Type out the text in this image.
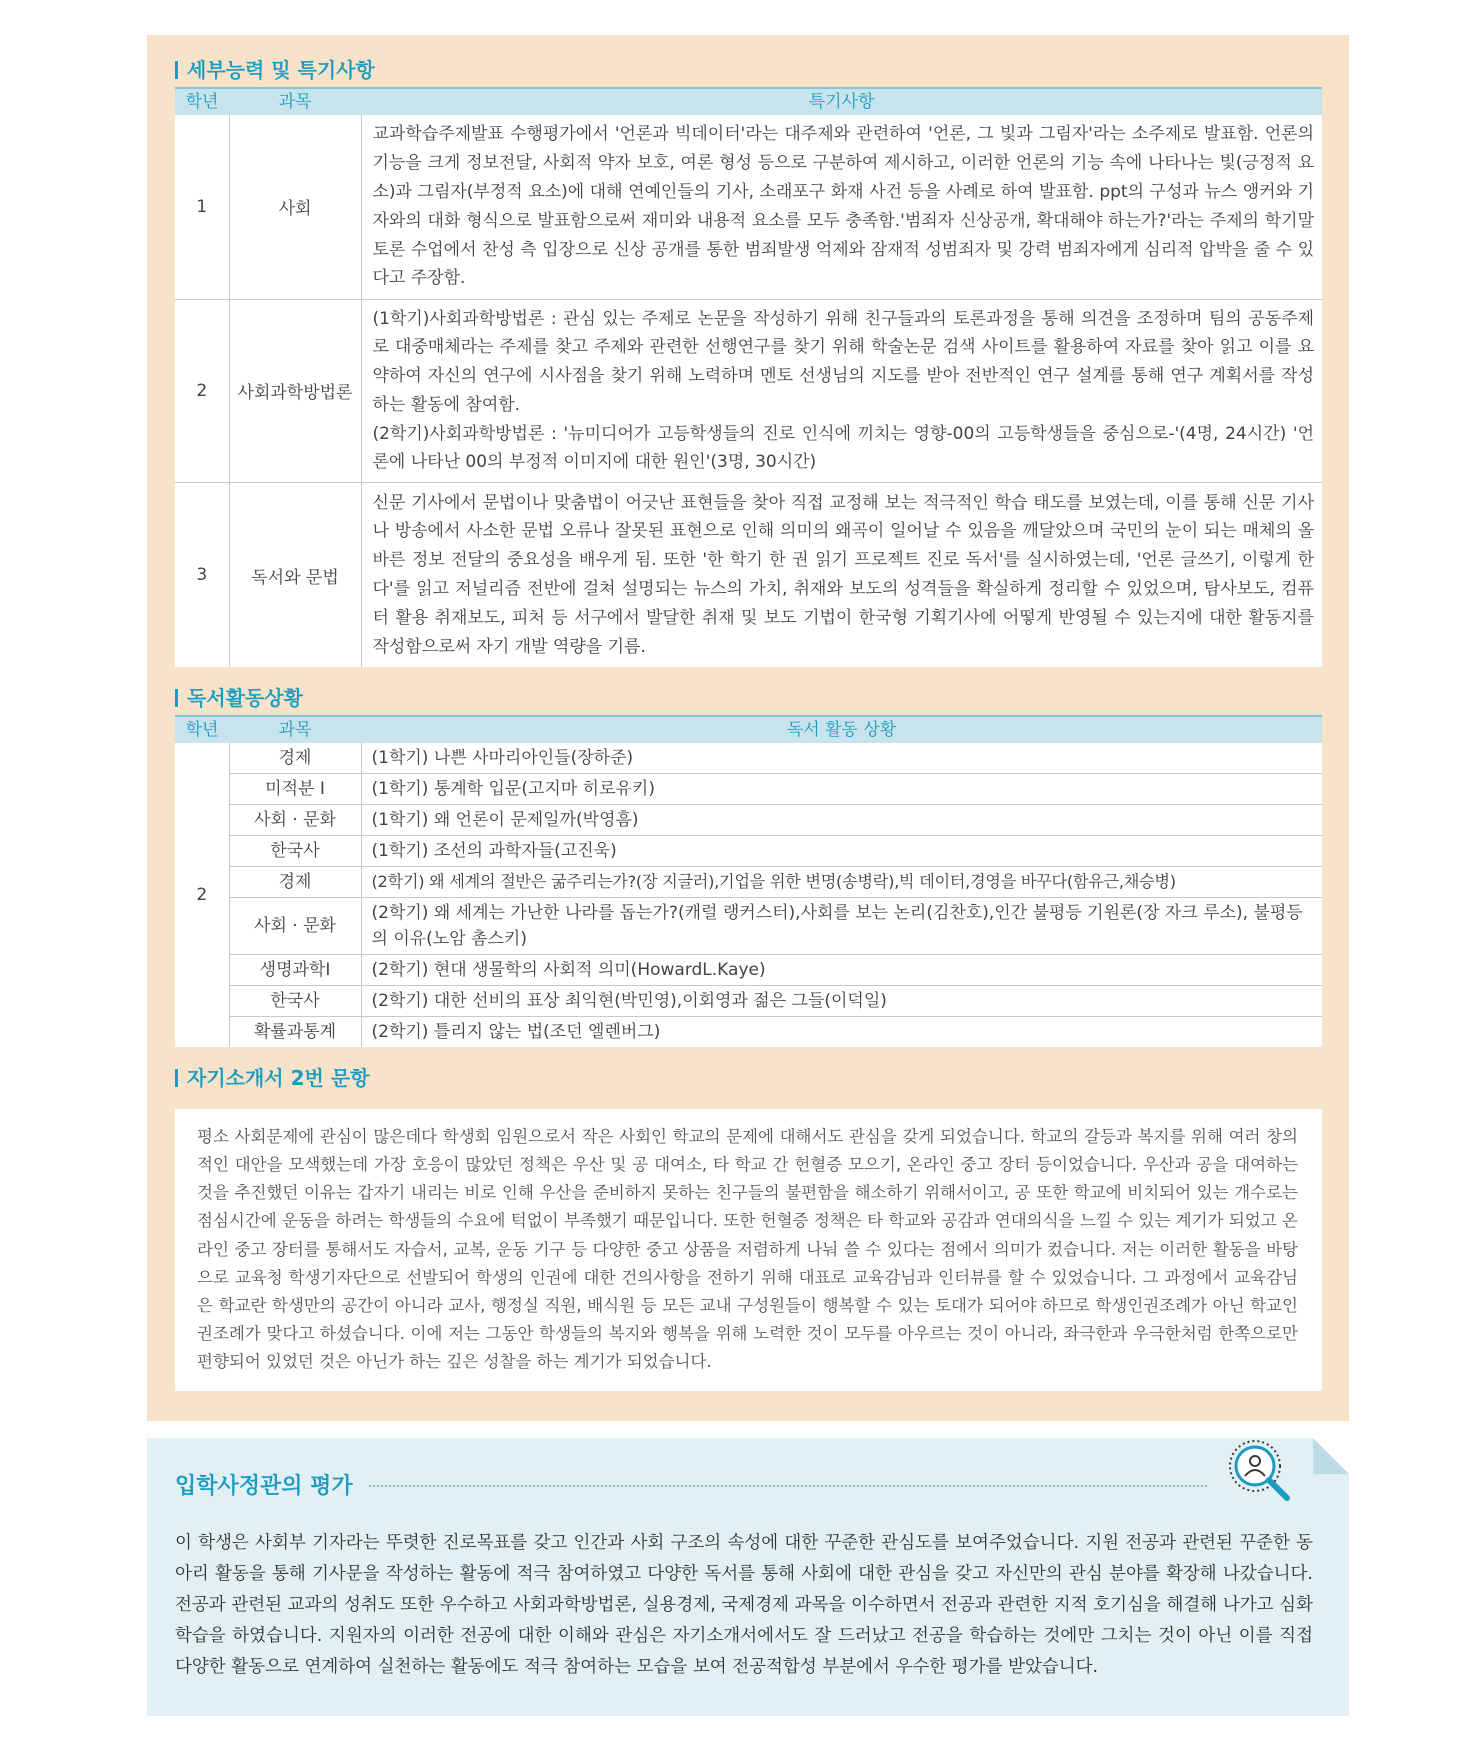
세부능력 및 특기사항
학년	과목	특기사항
1	사회	교과학습주제발표 수행평가에서 '언론과 빅데이터'라는 대주제와 관련하여 '언론, 그 빛과 그림자'라는 소주제로 발표함. 언론의 기능을 크게 정보전달, 사회적 약자 보호, 여론 형성 등으로 구분하여 제시하고, 이러한 언론의 기능 속에 나타나는 빛(긍정적 요소)과 그림자(부정적 요소)에 대해 연예인들의 기사, 소래포구 화재 사건 등을 사례로 하여 발표함. ppt의 구성과 뉴스 앵커와 기자와의 대화 형식으로 발표함으로써 재미와 내용적 요소를 모두 충족함.'범죄자 신상공개, 확대해야 하는가?'라는 주제의 학기말 토론 수업에서 찬성 측 입장으로 신상 공개를 통한 범죄발생 억제와 잠재적 성범죄자 및 강력 범죄자에게 심리적 압박을 줄 수 있다고 주장함.
2	사회과학방법론	(1학기)사회과학방법론 : 관심 있는 주제로 논문을 작성하기 위해 친구들과의 토론과정을 통해 의견을 조정하며 팀의 공동주제로 대중매체라는 주제를 찾고 주제와 관련한 선행연구를 찾기 위해 학술논문 검색 사이트를 활용하여 자료를 찾아 읽고 이를 요약하여 자신의 연구에 시사점을 찾기 위해 노력하며 멘토 선생님의 지도를 받아 전반적인 연구 설계를 통해 연구 계획서를 작성하는 활동에 참여함.
(2학기)사회과학방법론 : '뉴미디어가 고등학생들의 진로 인식에 끼치는 영향-00의 고등학생들을 중심으로-'(4명, 24시간) '언론에 나타난 00의 부정적 이미지에 대한 원인'(3명, 30시간)

3	독서와 문법	신문 기사에서 문법이나 맞춤법이 어긋난 표현들을 찾아 직접 교정해 보는 적극적인 학습 태도를 보였는데, 이를 통해 신문 기사나 방송에서 사소한 문법 오류나 잘못된 표현으로 인해 의미의 왜곡이 일어날 수 있음을 깨달았으며 국민의 눈이 되는 매체의 올바른 정보 전달의 중요성을 배우게 됨. 또한 '한 학기 한 권 읽기 프로젝트 진로 독서'를 실시하였는데, '언론 글쓰기, 이렇게 한다'를 읽고 저널리즘 전반에 걸쳐 설명되는 뉴스의 가치, 취재와 보도의 성격들을 확실하게 정리할 수 있었으며, 탐사보도, 컴퓨터 활용 취재보도, 피처 등 서구에서 발달한 취재 및 보도 기법이 한국형 기획기사에 어떻게 반영될 수 있는지에 대한 활동지를 작성함으로써 자기 개발 역량을 기름.
독서활동상황
학년	과목	독서 활동 상황
2	경제	(1학기) 나쁜 사마리아인들(장하준)
	미적분 I	(1학기) 통계학 입문(고지마 히로유키)
	사회 · 문화	(1학기) 왜 언론이 문제일까(박영흠)
	한국사	(1학기) 조선의 과학자들(고진욱)
	경제	(2학기) 왜 세계의 절반은 굶주리는가?(장 지글러),기업을 위한 변명(송병락),빅 데이터,경영을 바꾸다(함유근,채승병)
	사회 · 문화	(2학기) 왜 세계는 가난한 나라를 돕는가?(캐럴 랭커스터),사회를 보는 논리(김찬호),인간 불평등 기원론(장 자크 루소), 불평등의 이유(노암 촘스키)
	생명과학I	(2학기) 현대 생물학의 사회적 의미(HowardL.Kaye)
	한국사	(2학기) 대한 선비의 표상 최익현(박민영),이회영과 젊은 그들(이덕일)
	확률과통계	(2학기) 틀리지 않는 법(조던 엘렌버그)
자기소개서 2번 문항
평소 사회문제에 관심이 많은데다 학생회 임원으로서 작은 사회인 학교의 문제에 대해서도 관심을 갖게 되었습니다. 학교의 갈등과 복지를 위해 여러 창의적인 대안을 모색했는데 가장 호응이 많았던 정책은 우산 및 공 대여소, 타 학교 간 헌혈증 모으기, 온라인 중고 장터 등이었습니다. 우산과 공을 대여하는 것을 추진했던 이유는 갑자기 내리는 비로 인해 우산을 준비하지 못하는 친구들의 불편함을 해소하기 위해서이고, 공 또한 학교에 비치되어 있는 개수로는 점심시간에 운동을 하려는 학생들의 수요에 턱없이 부족했기 때문입니다. 또한 헌혈증 정책은 타 학교와 공감과 연대의식을 느낄 수 있는 계기가 되었고 온라인 중고 장터를 통해서도 자습서, 교복, 운동 기구 등 다양한 중고 상품을 저렴하게 나눠 쓸 수 있다는 점에서 의미가 컸습니다. 저는 이러한 활동을 바탕으로 교육청 학생기자단으로 선발되어 학생의 인권에 대한 건의사항을 전하기 위해 대표로 교육감님과 인터뷰를 할 수 있었습니다. 그 과정에서 교육감님은 학교란 학생만의 공간이 아니라 교사, 행정실 직원, 배식원 등 모든 교내 구성원들이 행복할 수 있는 토대가 되어야 하므로 학생인권조례가 아닌 학교인권조례가 맞다고 하셨습니다. 이에 저는 그동안 학생들의 복지와 행복을 위해 노력한 것이 모두를 아우르는 것이 아니라, 좌극한과 우극한처럼 한쪽으로만 편향되어 있었던 것은 아닌가 하는 깊은 성찰을 하는 계기가 되었습니다.
입학사정관의 평가
이 학생은 사회부 기자라는 뚜렷한 진로목표를 갖고 인간과 사회 구조의 속성에 대한 꾸준한 관심도를 보여주었습니다. 지원 전공과 관련된 꾸준한 동아리 활동을 통해 기사문을 작성하는 활동에 적극 참여하였고 다양한 독서를 통해 사회에 대한 관심을 갖고 자신만의 관심 분야를 확장해 나갔습니다. 전공과 관련된 교과의 성취도 또한 우수하고 사회과학방법론, 실용경제, 국제경제 과목을 이수하면서 전공과 관련한 지적 호기심을 해결해 나가고 심화학습을 하였습니다. 지원자의 이러한 전공에 대한 이해와 관심은 자기소개서에서도 잘 드러났고 전공을 학습하는 것에만 그치는 것이 아닌 이를 직접 다양한 활동으로 연계하여 실천하는 활동에도 적극 참여하는 모습을 보여 전공적합성 부분에서 우수한 평가를 받았습니다.
